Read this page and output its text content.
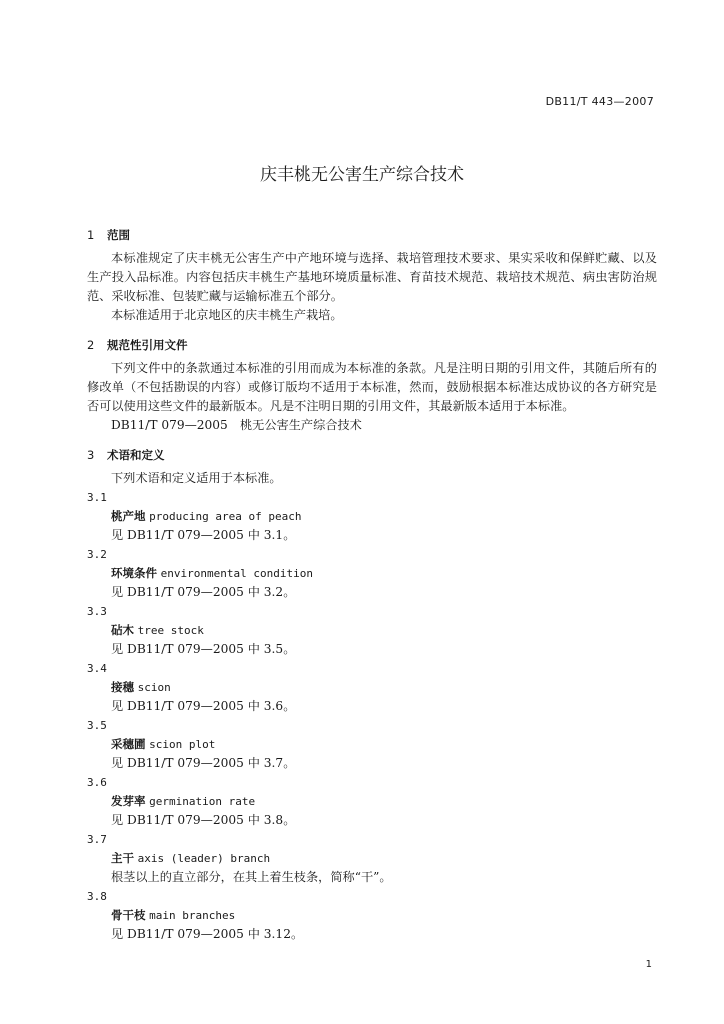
DB11/T 443—2007
庆丰桃无公害生产综合技术
1 范围

本标准规定了庆丰桃无公害生产中产地环境与选择、栽培管理技术要求、果实采收和保鲜贮藏、以及生产投入品标准。内容包括庆丰桃生产基地环境质量标准、育苗技术规范、栽培技术规范、病虫害防治规范、采收标准、包装贮藏与运输标准五个部分。

本标准适用于北京地区的庆丰桃生产栽培。

2 规范性引用文件

下列文件中的条款通过本标准的引用而成为本标准的条款。凡是注明日期的引用文件，其随后所有的修改单（不包括勘误的内容）或修订版均不适用于本标准，然而，鼓励根据本标准达成协议的各方研究是否可以使用这些文件的最新版本。凡是不注明日期的引用文件，其最新版本适用于本标准。

DB11/T 079—2005　桃无公害生产综合技术

3 术语和定义

下列术语和定义适用于本标准。

3.1

桃产地 producing area of peach

见 DB11/T 079—2005 中 3.1。

3.2

环境条件 environmental condition

见 DB11/T 079—2005 中 3.2。

3.3

砧木 tree stock

见 DB11/T 079—2005 中 3.5。

3.4

接穗 scion

见 DB11/T 079—2005 中 3.6。

3.5

采穗圃 scion plot

见 DB11/T 079—2005 中 3.7。

3.6

发芽率 germination rate

见 DB11/T 079—2005 中 3.8。

3.7

主干 axis (leader) branch

根茎以上的直立部分，在其上着生枝条，简称“干”。

3.8

骨干枝 main branches

见 DB11/T 079—2005 中 3.12。

1
